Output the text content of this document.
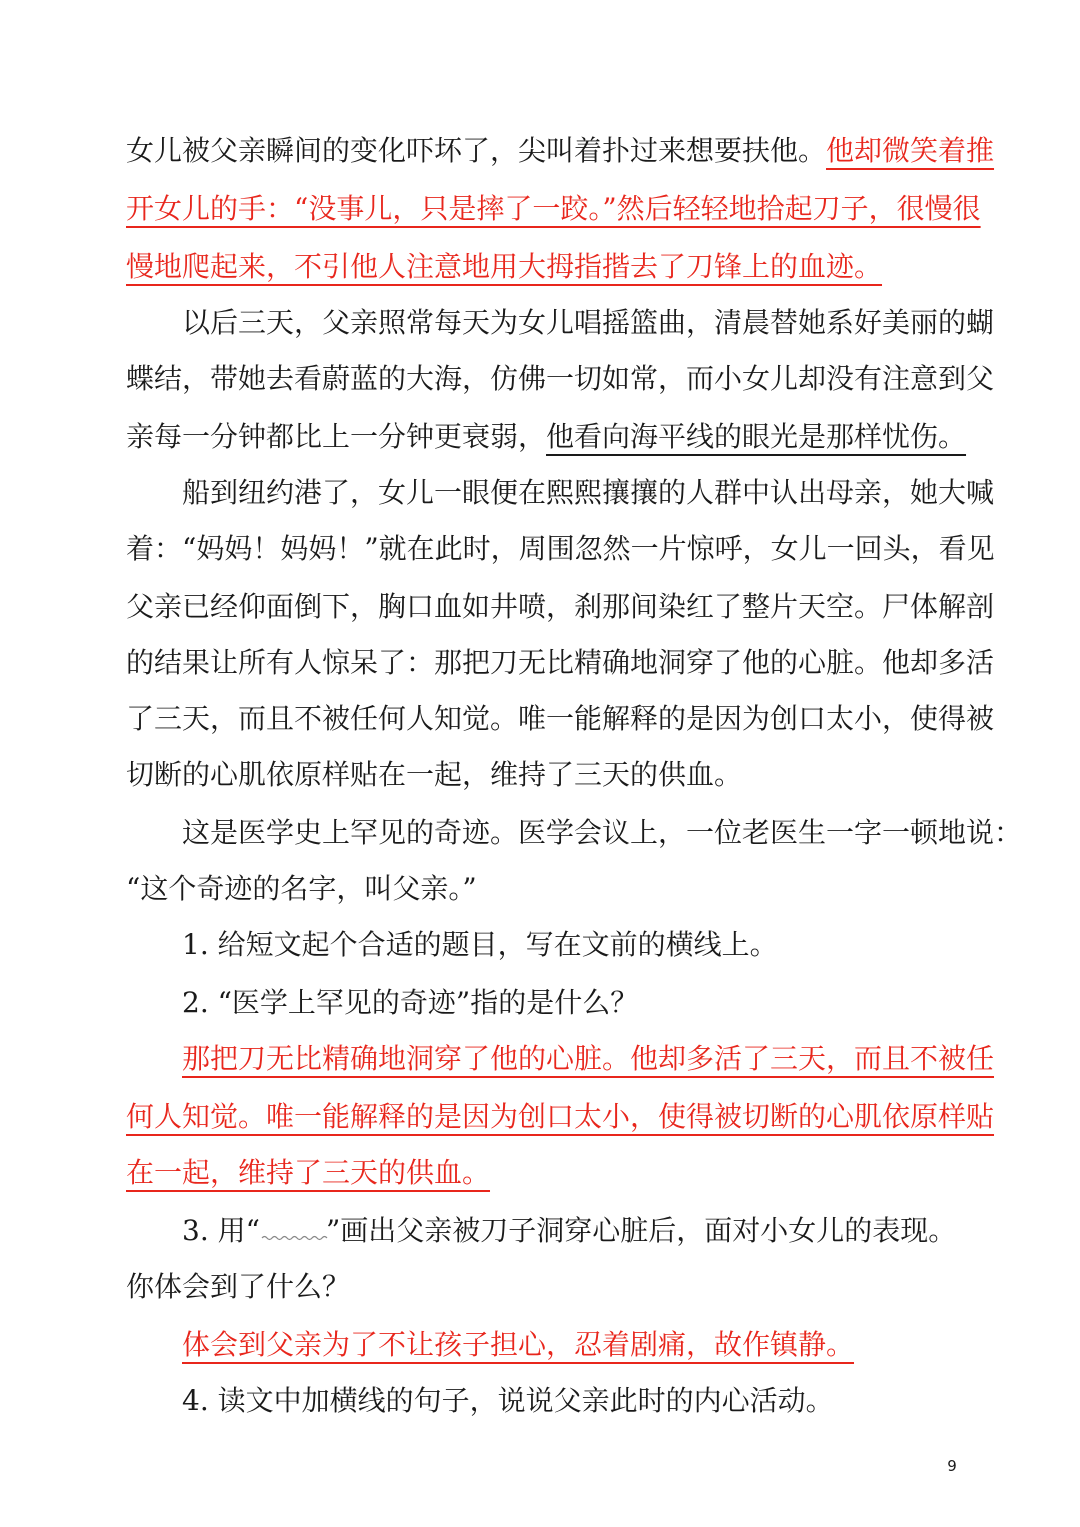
女儿被父亲瞬间的变化吓坏了，尖叫着扑过来想要扶他。他却微笑着推
开女儿的手：“没事儿，只是摔了一跤。”然后轻轻地拾起刀子，很慢很
慢地爬起来，不引他人注意地用大拇指揩去了刀锋上的血迹。
以后三天，父亲照常每天为女儿唱摇篮曲，清晨替她系好美丽的蝴
蝶结，带她去看蔚蓝的大海，仿佛一切如常，而小女儿却没有注意到父
亲每一分钟都比上一分钟更衰弱，他看向海平线的眼光是那样忧伤。
船到纽约港了，女儿一眼便在熙熙攘攘的人群中认出母亲，她大喊
着：“妈妈！妈妈！”就在此时，周围忽然一片惊呼，女儿一回头，看见
父亲已经仰面倒下，胸口血如井喷，刹那间染红了整片天空。尸体解剖
的结果让所有人惊呆了：那把刀无比精确地洞穿了他的心脏。他却多活
了三天，而且不被任何人知觉。唯一能解释的是因为创口太小，使得被
切断的心肌依原样贴在一起，维持了三天的供血。
这是医学史上罕见的奇迹。医学会议上，一位老医生一字一顿地说：
“这个奇迹的名字，叫父亲。”
1. 给短文起个合适的题目，写在文前的横线上。
2. “医学上罕见的奇迹”指的是什么？
那把刀无比精确地洞穿了他的心脏。他却多活了三天，而且不被任
何人知觉。唯一能解释的是因为创口太小，使得被切断的心肌依原样贴
在一起，维持了三天的供血。
3. 用“ ”画出父亲被刀子洞穿心脏后，面对小女儿的表现。
你体会到了什么？
体会到父亲为了不让孩子担心，忍着剧痛，故作镇静。
4. 读文中加横线的句子，说说父亲此时的内心活动。
9
